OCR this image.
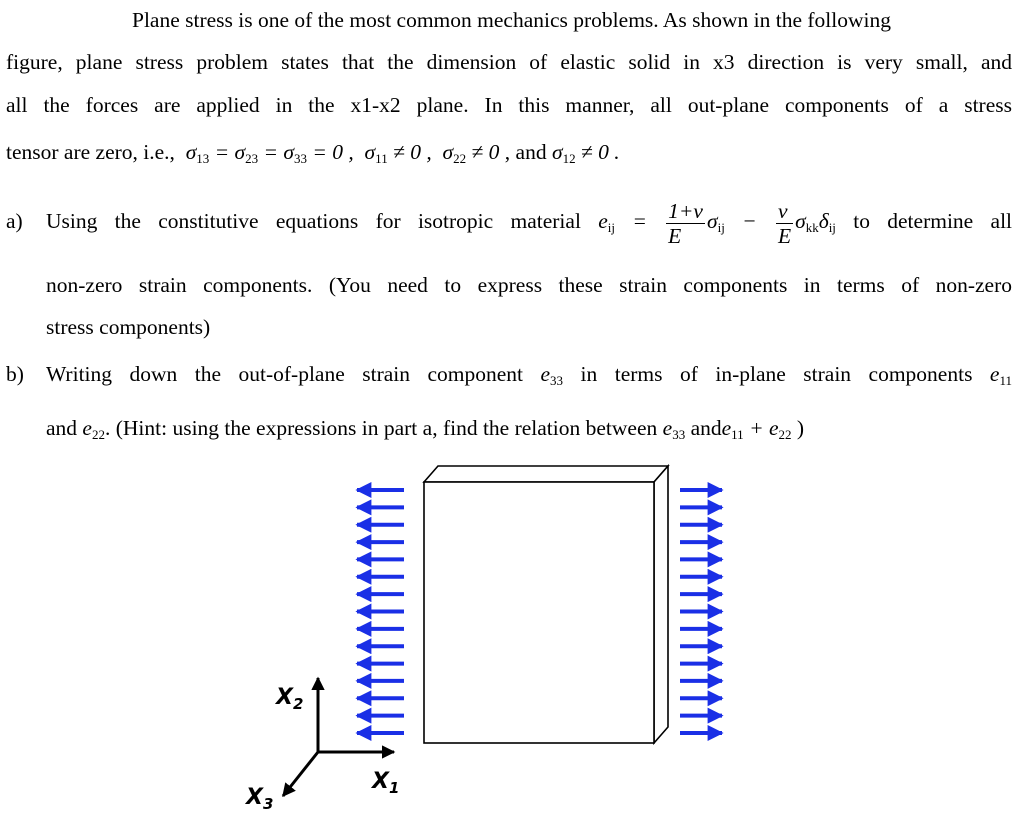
Plane stress is one of the most common mechanics problems. As shown in the following
figure, plane stress problem states that the dimension of elastic solid in x3 direction is very small, and
all the forces are applied in the x1-x2 plane. In this manner, all out-plane components of a stress
tensor are zero, i.e.,  $\sigma_{13} = \sigma_{23} = \sigma_{33} = 0$ ,  $\sigma_{11} \ne 0$ ,  $\sigma_{22} \ne 0$ , and $\sigma_{12} \ne 0$ .
a) Using the constitutive equations for isotropic material $e_{ij} = \frac{1+\nu}{E} \sigma_{ij} - \frac{\nu}{E} \sigma_{kk}\delta_{ij}$ to determine all
non-zero strain components. (You need to express these strain components in terms of non-zero
stress components)
b) Writing down the out-of-plane strain component $e_{33}$ in terms of in-plane strain components $e_{11}$
and $e_{22}$. (Hint: using the expressions in part a, find the relation between $e_{33}$ ande$_{11}$ + $e_{22}$ )
$X_2$
$X_1$
$X_3$
